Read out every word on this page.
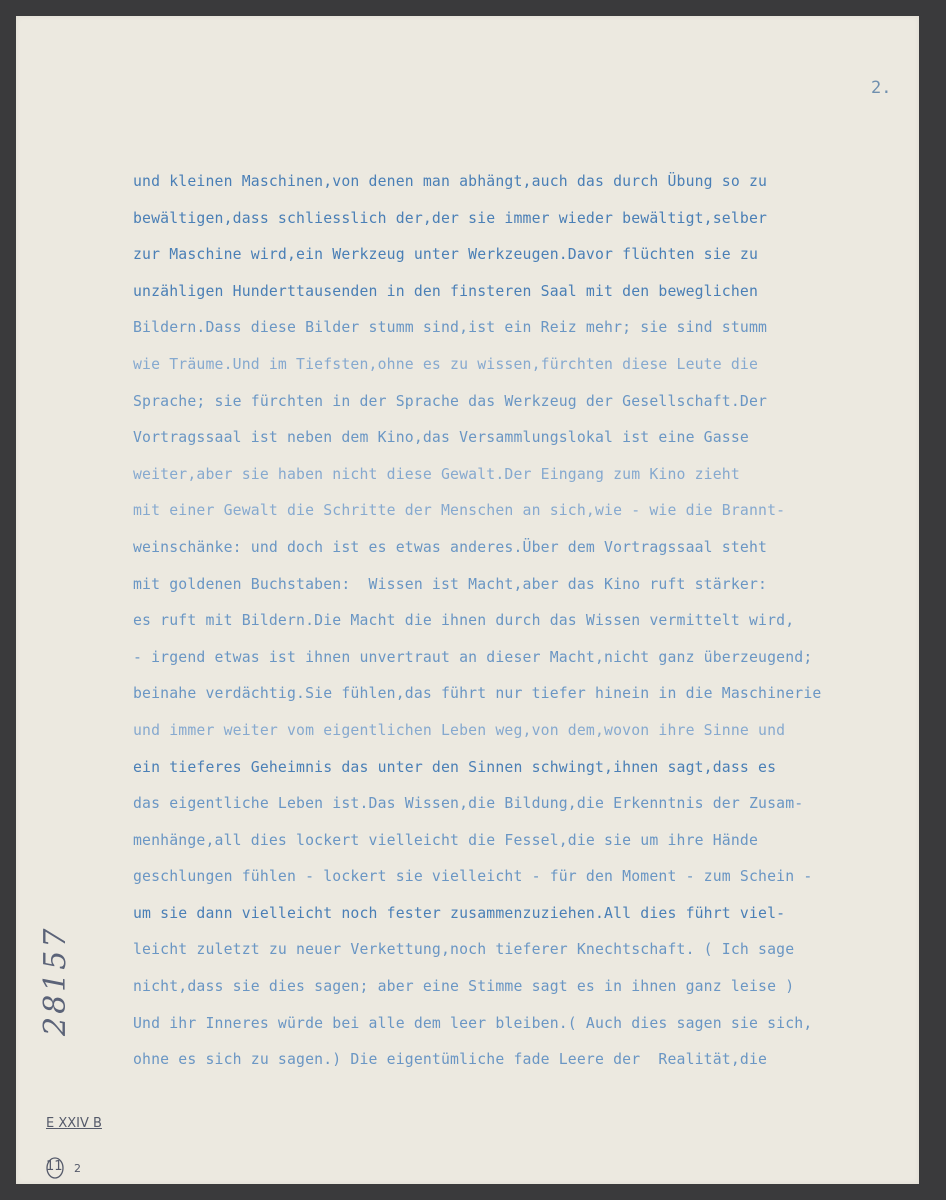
2.
und kleinen Maschinen,von denen man abhängt,auch das durch Übung so zu
bewältigen,dass schliesslich der,der sie immer wieder bewältigt,selber
zur Maschine wird,ein Werkzeug unter Werkzeugen.Davor flüchten sie zu
unzähligen Hunderttausenden in den finsteren Saal mit den beweglichen
Bildern.Dass diese Bilder stumm sind,ist ein Reiz mehr; sie sind stumm
wie Träume.Und im Tiefsten,ohne es zu wissen,fürchten diese Leute die
Sprache; sie fürchten in der Sprache das Werkzeug der Gesellschaft.Der
Vortragssaal ist neben dem Kino,das Versammlungslokal ist eine Gasse
weiter,aber sie haben nicht diese Gewalt.Der Eingang zum Kino zieht
mit einer Gewalt die Schritte der Menschen an sich,wie - wie die Brannt-
weinschänke: und doch ist es etwas anderes.Über dem Vortragssaal steht
mit goldenen Buchstaben:  Wissen ist Macht,aber das Kino ruft stärker:
es ruft mit Bildern.Die Macht die ihnen durch das Wissen vermittelt wird,
- irgend etwas ist ihnen unvertraut an dieser Macht,nicht ganz überzeugend;
beinahe verdächtig.Sie fühlen,das führt nur tiefer hinein in die Maschinerie
und immer weiter vom eigentlichen Leben weg,von dem,wovon ihre Sinne und
ein tieferes Geheimnis das unter den Sinnen schwingt,ihnen sagt,dass es
das eigentliche Leben ist.Das Wissen,die Bildung,die Erkenntnis der Zusam-
menhänge,all dies lockert vielleicht die Fessel,die sie um ihre Hände
geschlungen fühlen - lockert sie vielleicht - für den Moment - zum Schein -
um sie dann vielleicht noch fester zusammenzuziehen.All dies führt viel-
leicht zuletzt zu neuer Verkettung,noch tieferer Knechtschaft. ( Ich sage
nicht,dass sie dies sagen; aber eine Stimme sagt es in ihnen ganz leise )
Und ihr Inneres würde bei alle dem leer bleiben.( Auch dies sagen sie sich,
ohne es sich zu sagen.) Die eigentümliche fade Leere der  Realität,die
28157
E XXIV B
11 2
